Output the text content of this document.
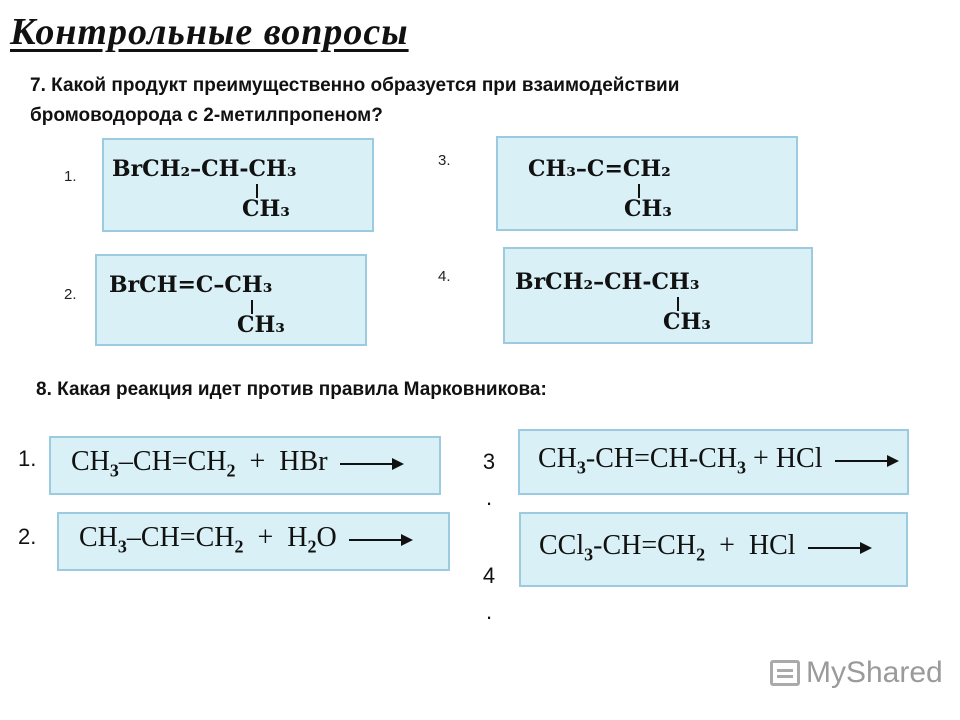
Контрольные вопросы
7. Какой продукт преимущественно образуется при взаимодействии
бромоводорода с 2-метилпропеном?
1. BrCH₂–CH-CH₃
CH₃
2. BrCH=C–CH₃
CH₃
3.	CH₃–C=CH₂
CH₃
4.	BrCH₂–CH-CH₃
CH₃
8. Какая реакция идет против правила Марковникова:
1. $CH_3-CH=CH_2$  +  HBr →
2. $CH_3-CH=CH_2 + H_2O$ →
3
.
$CH_3-CH=CH-CH_3$ + HCl →
4
.
$CCl_3-CH=CH_2$  +  HCl →
MyShared
